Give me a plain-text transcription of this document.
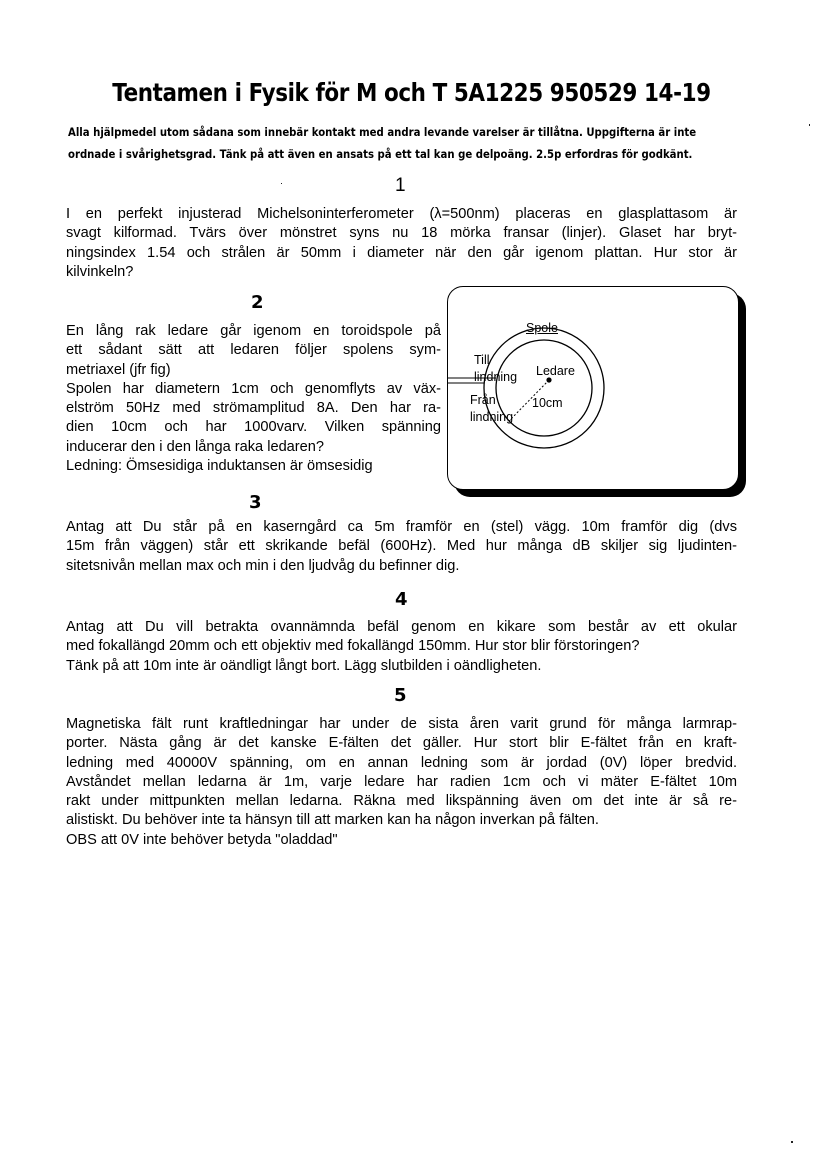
Tentamen i Fysik för M och T 5A1225 950529 14-19
Alla hjälpmedel utom sådana som innebär kontakt med andra levande varelser är tillåtna. Uppgifterna är inte
ordnade i svårighetsgrad. Tänk på att även en ansats på ett tal kan ge delpoäng. 2.5p erfordras för godkänt.
1
I en perfekt injusterad Michelsoninterferometer (λ=500nm) placeras en glasplattasom är
svagt kilformad. Tvärs över mönstret syns nu 18 mörka fransar (linjer). Glaset har bryt-
ningsindex 1.54 och strålen är 50mm i diameter när den går igenom plattan. Hur stor är
kilvinkeln?
2
En lång rak ledare går igenom en toroidspole på
ett sådant sätt att ledaren följer spolens sym-
metriaxel (jfr fig)
Spolen har diametern 1cm och genomflyts av väx-
elström 50Hz med strömamplitud 8A. Den har ra-
dien 10cm och har 1000varv. Vilken spänning
inducerar den i den långa raka ledaren?
Ledning: Ömsesidiga induktansen är ömsesidig
Spole
Ledare
10cm
Till
lindning
Från
lindning
3
Antag att Du står på en kaserngård ca 5m framför en (stel) vägg. 10m framför dig (dvs
15m från väggen) står ett skrikande befäl (600Hz). Med hur många dB skiljer sig ljudinten-
sitetsnivån mellan max och min i den ljudvåg du befinner dig.
4
Antag att Du vill betrakta ovannämnda befäl genom en kikare som består av ett okular
med fokallängd 20mm och ett objektiv med fokallängd 150mm. Hur stor blir förstoringen?
Tänk på att 10m inte är oändligt långt bort. Lägg slutbilden i oändligheten.
5
Magnetiska fält runt kraftledningar har under de sista åren varit grund för många larmrap-
porter. Nästa gång är det kanske E-fälten det gäller. Hur stort blir E-fältet från en kraft-
ledning med 40000V spänning, om en annan ledning som är jordad (0V) löper bredvid.
Avståndet mellan ledarna är 1m, varje ledare har radien 1cm och vi mäter E-fältet 10m
rakt under mittpunkten mellan ledarna. Räkna med likspänning även om det inte är så re-
alistiskt. Du behöver inte ta hänsyn till att marken kan ha någon inverkan på fälten.
OBS att 0V inte behöver betyda "oladdad"
